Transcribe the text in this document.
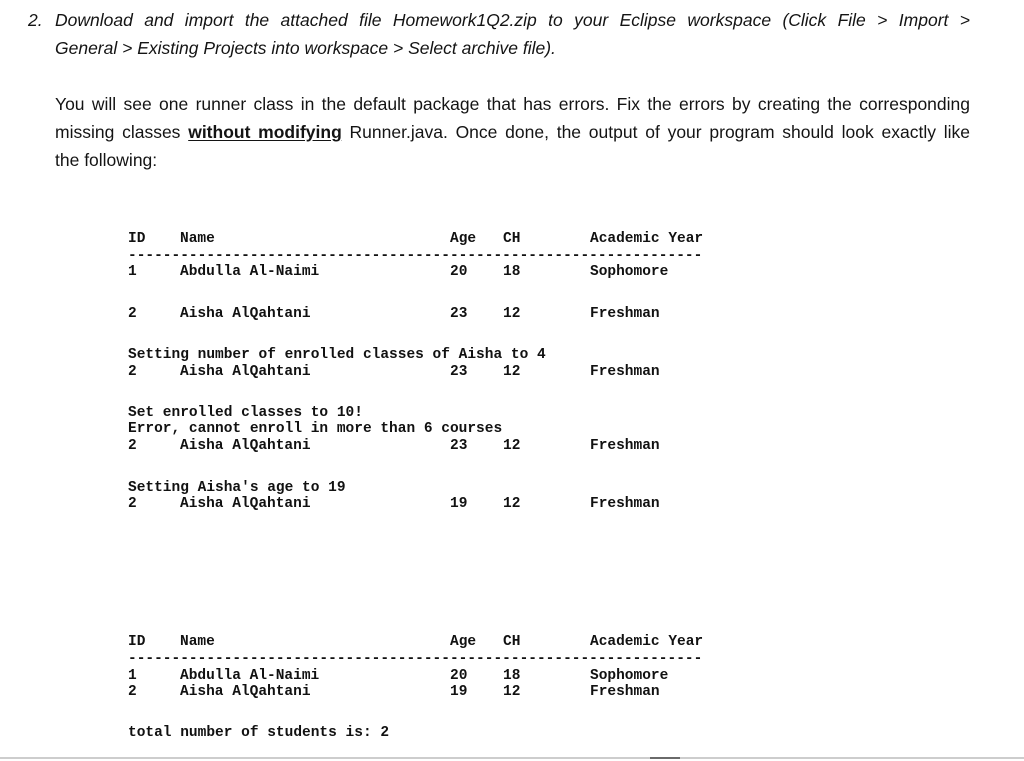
2. Download and import the attached file Homework1Q2.zip to your Eclipse workspace (Click File > Import >
General > Existing Projects into workspace > Select archive file).
You will see one runner class in the default package that has errors. Fix the errors by creating the corresponding
missing classes without modifying Runner.java. Once done, the output of your program should look exactly like
the following:
ID Name	Age CH	Academic Year
------------------------------------------------------------------
1	Abdulla Al-Naimi	20 18	Sophomore
2	Aisha AlQahtani	23 12	Freshman
Setting number of enrolled classes of Aisha to 4
2	Aisha AlQahtani	23 12	Freshman
Set enrolled classes to 10!
Error, cannot enroll in more than 6 courses
2	Aisha AlQahtani	23 12	Freshman
Setting Aisha's age to 19
2	Aisha AlQahtani	19 12	Freshman
ID Name	Age CH	Academic Year
------------------------------------------------------------------
1	Abdulla Al-Naimi	20 18	Sophomore
2	Aisha AlQahtani	19 12	Freshman
total number of students is: 2
